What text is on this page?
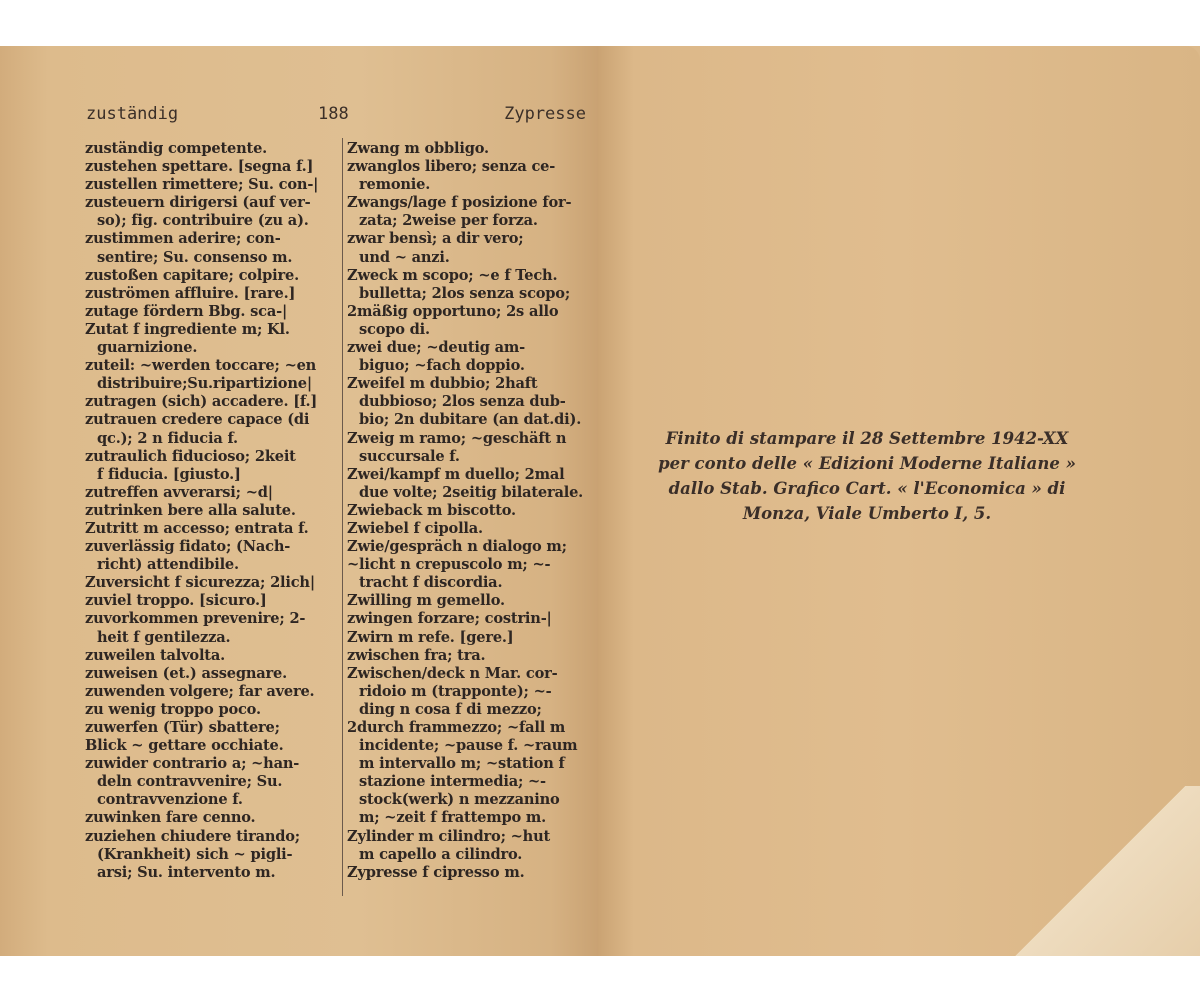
zuständig	188	Zypresse
zuständig competente.
zustehen spettare. [segna f.]
zustellen rimettere; Su. con-|
zusteuern dirigersi (auf ver-
so); fig. contribuire (zu a).
zustimmen aderire; con-
sentire; Su. consenso m.
zustoßen capitare; colpire.
zuströmen affluire. [rare.]
zutage fördern Bbg. sca-|
Zutat f ingrediente m; Kl.
guarnizione.
zuteil: ~werden toccare; ~en
distribuire;Su.ripartizione|
zutragen (sich) accadere. [f.]
zutrauen credere capace (di
qc.); 2 n fiducia f.
zutraulich fiducioso; 2keit
f fiducia. [giusto.]
zutreffen avverarsi; ~d|
zutrinken bere alla salute.
Zutritt m accesso; entrata f.
zuverlässig fidato; (Nach-
richt) attendibile.
Zuversicht f sicurezza; 2lich|
zuviel troppo. [sicuro.]
zuvorkommen prevenire; 2-
heit f gentilezza.
zuweilen talvolta.
zuweisen (et.) assegnare.
zuwenden volgere; far avere.
zu wenig troppo poco.
zuwerfen (Tür) sbattere;
Blick ~ gettare occhiate.
zuwider contrario a; ~han-
deln contravvenire; Su.
contravvenzione f.
zuwinken fare cenno.
zuziehen chiudere tirando;
(Krankheit) sich ~ pigli-
arsi; Su. intervento m.
Zwang m obbligo.
zwanglos libero; senza ce-
remonie.
Zwangs/lage f posizione for-
zata; 2weise per forza.
zwar bensì; a dir vero;
und ~ anzi.
Zweck m scopo; ~e f Tech.
bulletta; 2los senza scopo;
2mäßig opportuno; 2s allo
scopo di.
zwei due; ~deutig am-
biguo; ~fach doppio.
Zweifel m dubbio; 2haft
dubbioso; 2los senza dub-
bio; 2n dubitare (an dat.di).
Zweig m ramo; ~geschäft n
succursale f.
Zwei/kampf m duello; 2mal
due volte; 2seitig bilaterale.
Zwieback m biscotto.
Zwiebel f cipolla.
Zwie/gespräch n dialogo m;
~licht n crepuscolo m; ~-
tracht f discordia.
Zwilling m gemello.
zwingen forzare; costrin-|
Zwirn m refe. [gere.]
zwischen fra; tra.
Zwischen/deck n Mar. cor-
ridoio m (trapponte); ~-
ding n cosa f di mezzo;
2durch frammezzo; ~fall m
incidente; ~pause f. ~raum
m intervallo m; ~station f
stazione intermedia; ~-
stock(werk) n mezzanino
m; ~zeit f frattempo m.
Zylinder m cilindro; ~hut
m capello a cilindro.
Zypresse f cipresso m.
Finito di stampare il 28 Settembre 1942-XX
per conto delle « Edizioni Moderne Italiane »
dallo Stab. Grafico Cart. « l'Economica » di
Monza, Viale Umberto I, 5.
